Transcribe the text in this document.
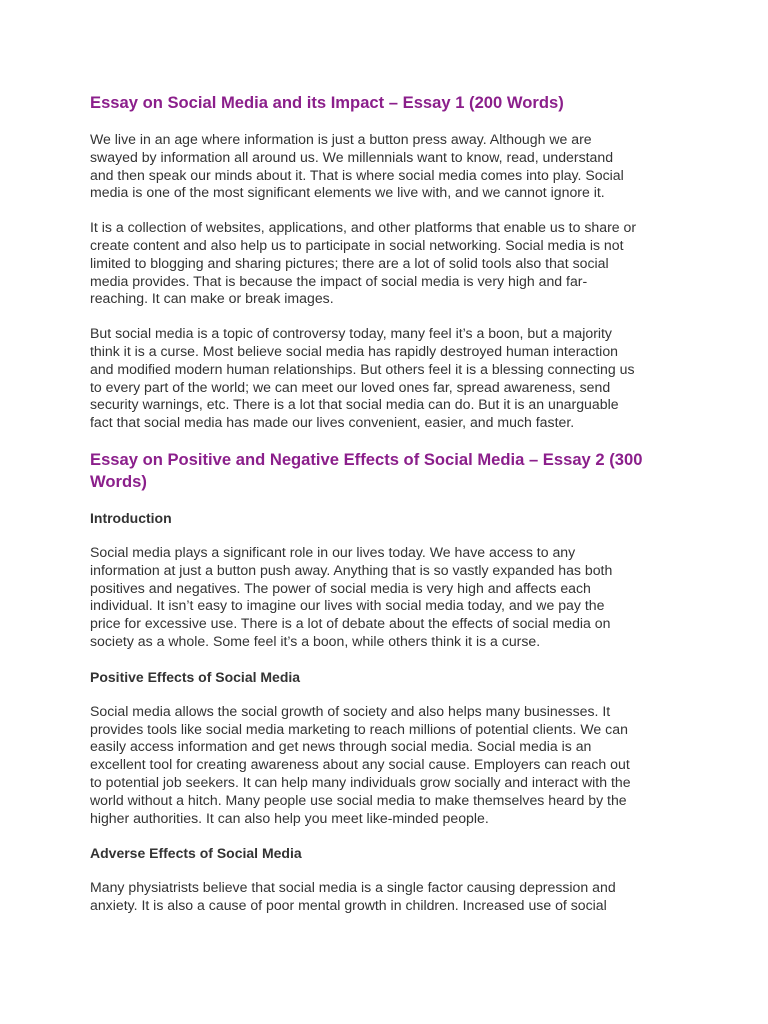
Essay on Social Media and its Impact – Essay 1 (200 Words)

We live in an age where information is just a button press away. Although we are
swayed by information all around us. We millennials want to know, read, understand
and then speak our minds about it. That is where social media comes into play. Social
media is one of the most significant elements we live with, and we cannot ignore it.

It is a collection of websites, applications, and other platforms that enable us to share or
create content and also help us to participate in social networking. Social media is not
limited to blogging and sharing pictures; there are a lot of solid tools also that social
media provides. That is because the impact of social media is very high and far-
reaching. It can make or break images.

But social media is a topic of controversy today, many feel it’s a boon, but a majority
think it is a curse. Most believe social media has rapidly destroyed human interaction
and modified modern human relationships. But others feel it is a blessing connecting us
to every part of the world; we can meet our loved ones far, spread awareness, send
security warnings, etc. There is a lot that social media can do. But it is an unarguable
fact that social media has made our lives convenient, easier, and much faster.

Essay on Positive and Negative Effects of Social Media – Essay 2 (300
Words)
Introduction

Social media plays a significant role in our lives today. We have access to any
information at just a button push away. Anything that is so vastly expanded has both
positives and negatives. The power of social media is very high and affects each
individual. It isn’t easy to imagine our lives with social media today, and we pay the
price for excessive use. There is a lot of debate about the effects of social media on
society as a whole. Some feel it’s a boon, while others think it is a curse.

Positive Effects of Social Media

Social media allows the social growth of society and also helps many businesses. It
provides tools like social media marketing to reach millions of potential clients. We can
easily access information and get news through social media. Social media is an
excellent tool for creating awareness about any social cause. Employers can reach out
to potential job seekers. It can help many individuals grow socially and interact with the
world without a hitch. Many people use social media to make themselves heard by the
higher authorities. It can also help you meet like-minded people.

Adverse Effects of Social Media

Many physiatrists believe that social media is a single factor causing depression and
anxiety. It is also a cause of poor mental growth in children. Increased use of social
